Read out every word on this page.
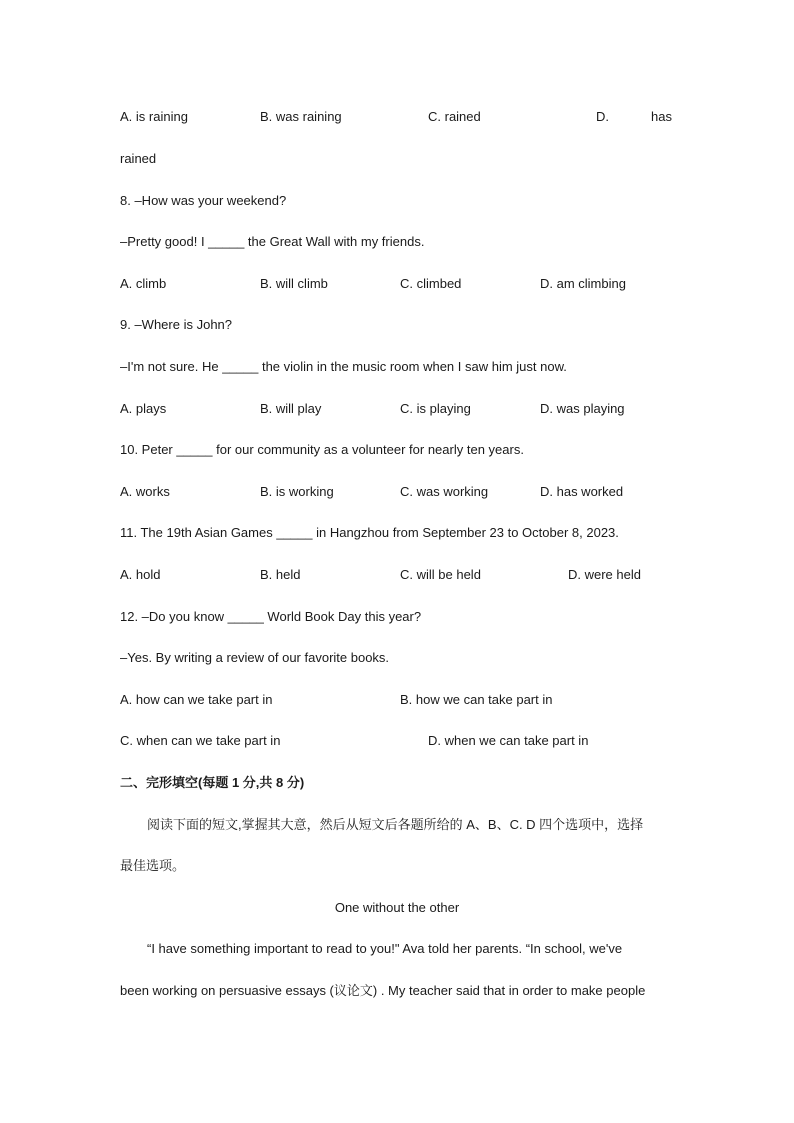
A. is raining	B. was raining	C. rained	D.	has
rained
8. –How was your weekend?
–Pretty good! I _____ the Great Wall with my friends.
A. climb	B. will climb	C. climbed	D. am climbing
9. –Where is John?
–I'm not sure. He _____ the violin in the music room when I saw him just now.
A. plays	B. will play	C. is playing	D. was playing
10. Peter _____ for our community as a volunteer for nearly ten years.
A. works	B. is working	C. was working	D. has worked
11. The 19th Asian Games _____ in Hangzhou from September 23 to October 8, 2023.
A. hold	B. held	C. will be held	D. were held
12. –Do you know _____ World Book Day this year?
–Yes. By writing a review of our favorite books.
A. how can we take part in	B. how we can take part in
C. when can we take part in	D. when we can take part in
二、完形填空(每题 1 分,共 8 分)
阅读下面的短文,掌握其大意，然后从短文后各题所给的 A、B、C. D 四个选项中，选择
最佳选项。
One without the other
“I have something important to read to you!" Ava told her parents. “In school, we've
been working on persuasive essays (议论文) . My teacher said that in order to make people
